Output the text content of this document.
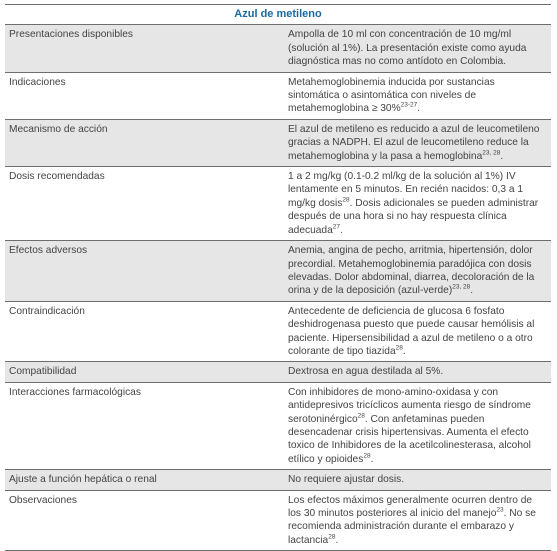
Azul de metileno	
Presentaciones disponibles	Ampolla de 10 ml con concentración de 10 mg/ml (solución al 1%). La presentación existe como ayuda diagnóstica mas no como antídoto en Colombia.
Indicaciones	Metahemoglobinemia inducida por sustancias sintomática o asintomática con niveles de metahemoglobina ≥ 30%$^{23-27}$.
Mecanismo de acción	El azul de metileno es reducido a azul de leucometileno gracias a NADPH. El azul de leucometileno reduce la metahemoglobina y la pasa a hemoglobina$^{23, 28}$.
Dosis recomendadas	1 a 2 mg/kg (0.1-0.2 ml/kg de la solución al 1%) IV lentamente en 5 minutos. En recién nacidos: 0,3 a 1 mg/kg dosis$^{28}$. Dosis adicionales se pueden administrar después de una hora si no hay respuesta clínica adecuada$^{27}$.
Efectos adversos	Anemia, angina de pecho, arritmia, hipertensión, dolor precordial. Metahemoglobinemia paradójica con dosis elevadas. Dolor abdominal, diarrea, decoloración de la orina y de la deposición (azul-verde)$^{23, 28}$.
Contraindicación	Antecedente de deficiencia de glucosa 6 fosfato deshidrogenasa puesto que puede causar hemólisis al paciente. Hipersensibilidad a azul de metileno o a otro colorante de tipo tiazida$^{28}$.
Compatibilidad	Dextrosa en agua destilada al 5%.
Interacciones farmacológicas	Con inhibidores de mono-amino-oxidasa y con antidepresivos tricíclicos aumenta riesgo de síndrome serotoninérgico$^{28}$. Con anfetaminas pueden desencadenar crisis hipertensivas. Aumenta el efecto toxico de Inhibidores de la acetilcolinesterasa, alcohol etílico y opioides$^{28}$.
Ajuste a función hepática o renal	No requiere ajustar dosis.
Observaciones	Los efectos máximos generalmente ocurren dentro de los 30 minutos posteriores al inicio del manejo$^{23}$. No se recomienda administración durante el embarazo y lactancia$^{28}$.
